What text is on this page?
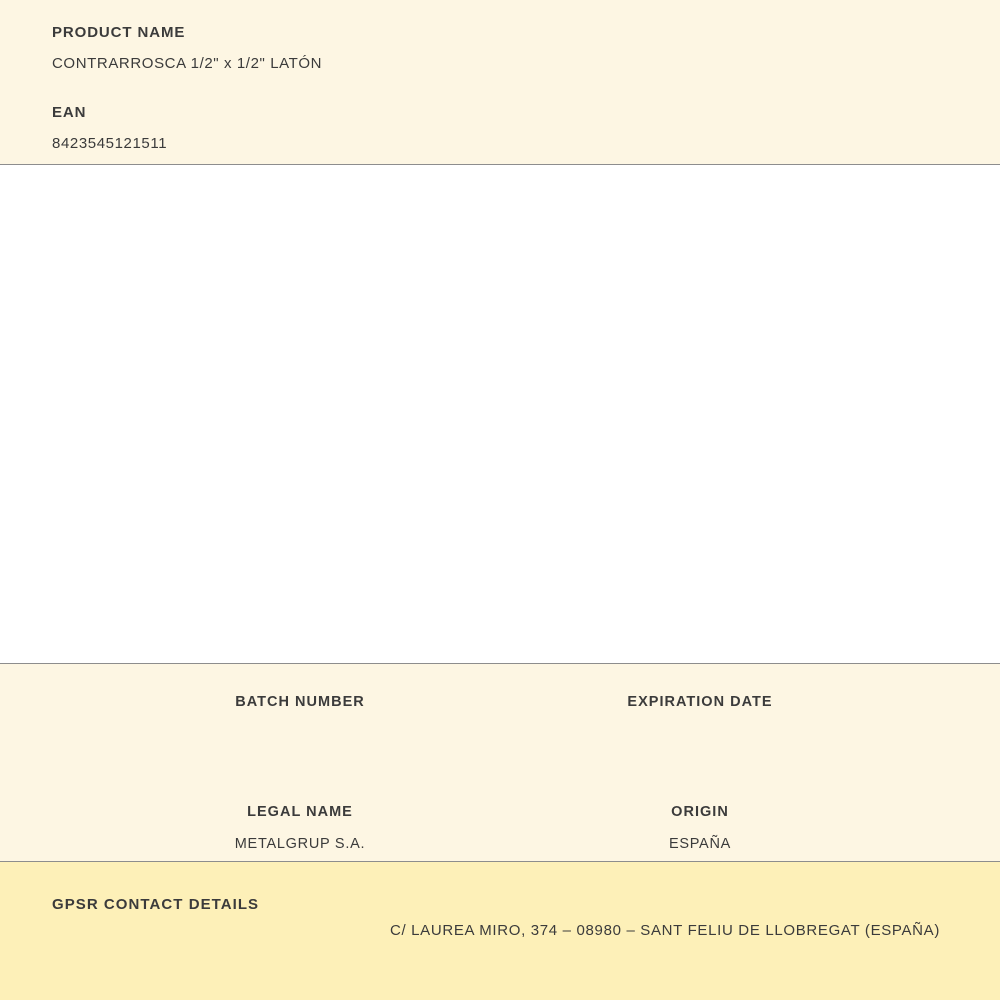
PRODUCT NAME
CONTRARROSCA 1/2" x 1/2" LATÓN
EAN
8423545121511
BATCH NUMBER	EXPIRATION DATE
LEGAL NAME
METALGRUP S.A.
ORIGIN
ESPAÑA
GPSR CONTACT DETAILS
C/ LAUREA MIRO, 374 – 08980 – SANT FELIU DE LLOBREGAT (ESPAÑA)
